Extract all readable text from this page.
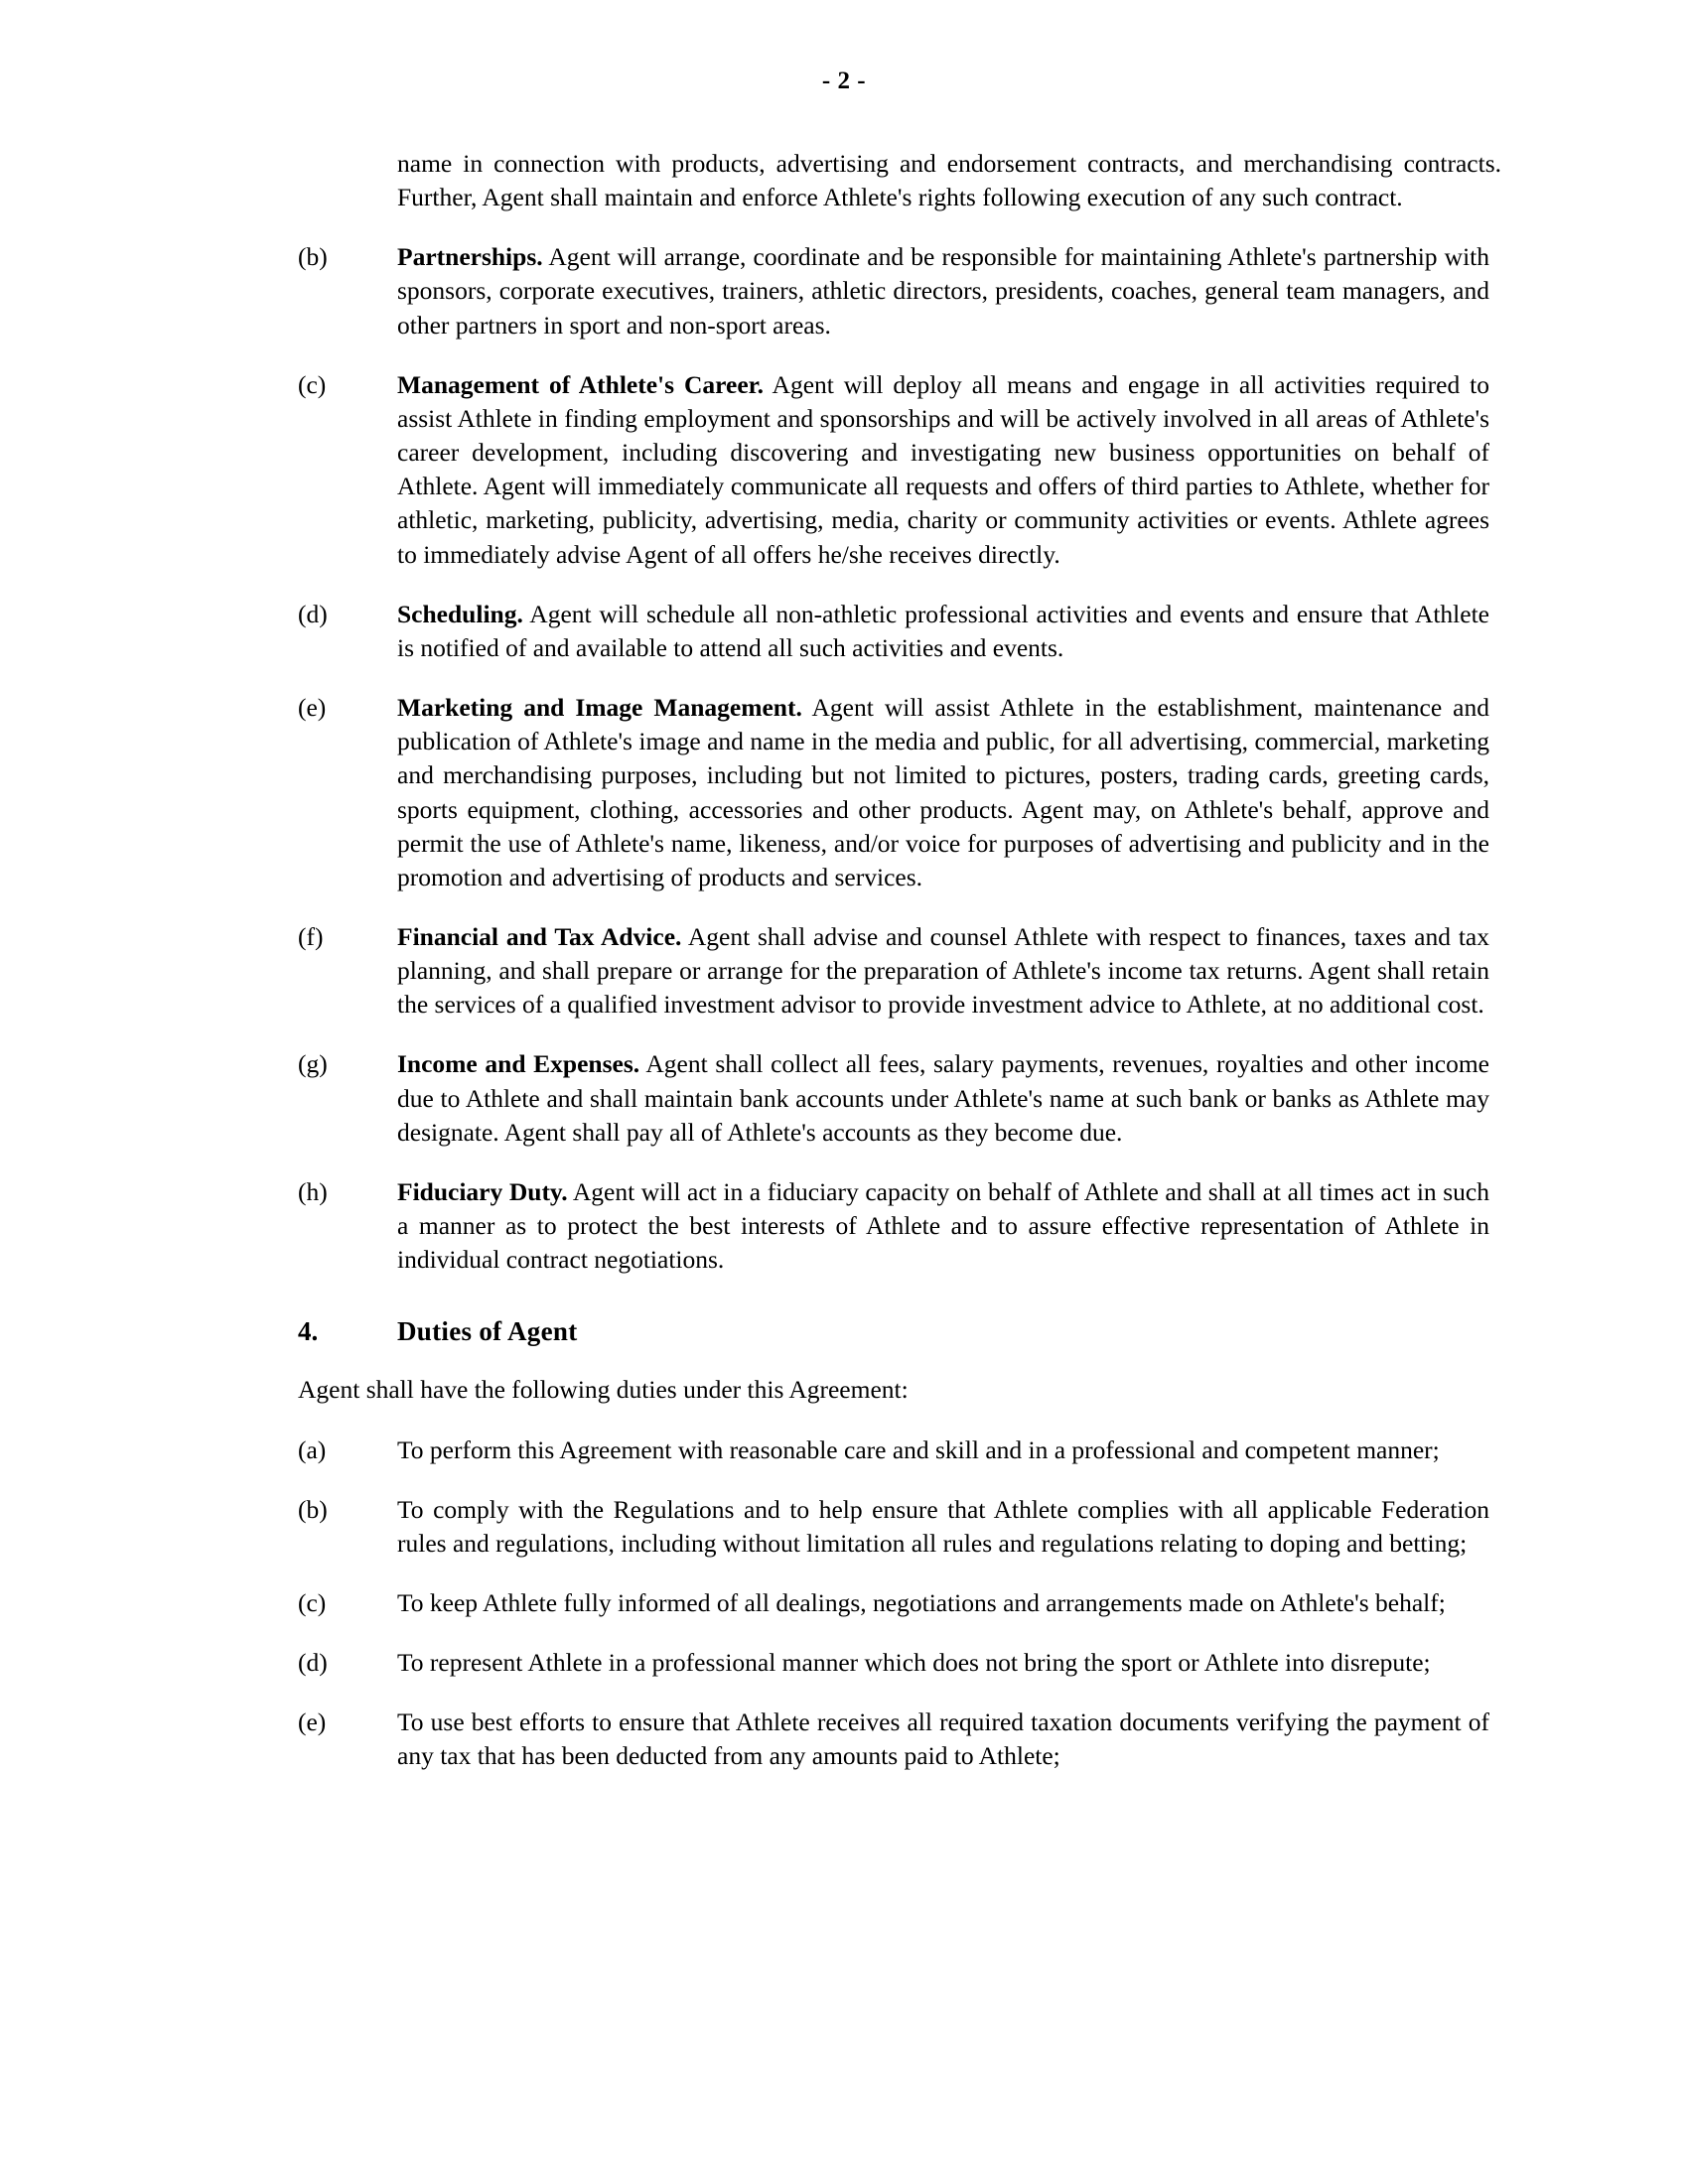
- 2 -

name in connection with products, advertising and endorsement contracts, and merchandising contracts. Further, Agent shall maintain and enforce Athlete's rights following execution of any such contract.

(b)	Partnerships. Agent will arrange, coordinate and be responsible for maintaining Athlete's partnership with sponsors, corporate executives, trainers, athletic directors, presidents, coaches, general team managers, and other partners in sport and non-sport areas.
(c)	Management of Athlete's Career. Agent will deploy all means and engage in all activities required to assist Athlete in finding employment and sponsorships and will be actively involved in all areas of Athlete's career development, including discovering and investigating new business opportunities on behalf of Athlete. Agent will immediately communicate all requests and offers of third parties to Athlete, whether for athletic, marketing, publicity, advertising, media, charity or community activities or events. Athlete agrees to immediately advise Agent of all offers he/she receives directly.
(d)	Scheduling. Agent will schedule all non-athletic professional activities and events and ensure that Athlete is notified of and available to attend all such activities and events.
(e)	Marketing and Image Management. Agent will assist Athlete in the establishment, maintenance and publication of Athlete's image and name in the media and public, for all advertising, commercial, marketing and merchandising purposes, including but not limited to pictures, posters, trading cards, greeting cards, sports equipment, clothing, accessories and other products. Agent may, on Athlete's behalf, approve and permit the use of Athlete's name, likeness, and/or voice for purposes of advertising and publicity and in the promotion and advertising of products and services.
(f)	Financial and Tax Advice. Agent shall advise and counsel Athlete with respect to finances, taxes and tax planning, and shall prepare or arrange for the preparation of Athlete's income tax returns. Agent shall retain the services of a qualified investment advisor to provide investment advice to Athlete, at no additional cost.
(g)	Income and Expenses. Agent shall collect all fees, salary payments, revenues, royalties and other income due to Athlete and shall maintain bank accounts under Athlete's name at such bank or banks as Athlete may designate. Agent shall pay all of Athlete's accounts as they become due.
(h)	Fiduciary Duty. Agent will act in a fiduciary capacity on behalf of Athlete and shall at all times act in such a manner as to protect the best interests of Athlete and to assure effective representation of Athlete in individual contract negotiations.
4.	Duties of Agent

Agent shall have the following duties under this Agreement:

(a)	To perform this Agreement with reasonable care and skill and in a professional and competent manner;
(b)	To comply with the Regulations and to help ensure that Athlete complies with all applicable Federation rules and regulations, including without limitation all rules and regulations relating to doping and betting;
(c)	To keep Athlete fully informed of all dealings, negotiations and arrangements made on Athlete's behalf;
(d)	To represent Athlete in a professional manner which does not bring the sport or Athlete into disrepute;
(e)	To use best efforts to ensure that Athlete receives all required taxation documents verifying the payment of any tax that has been deducted from any amounts paid to Athlete;
